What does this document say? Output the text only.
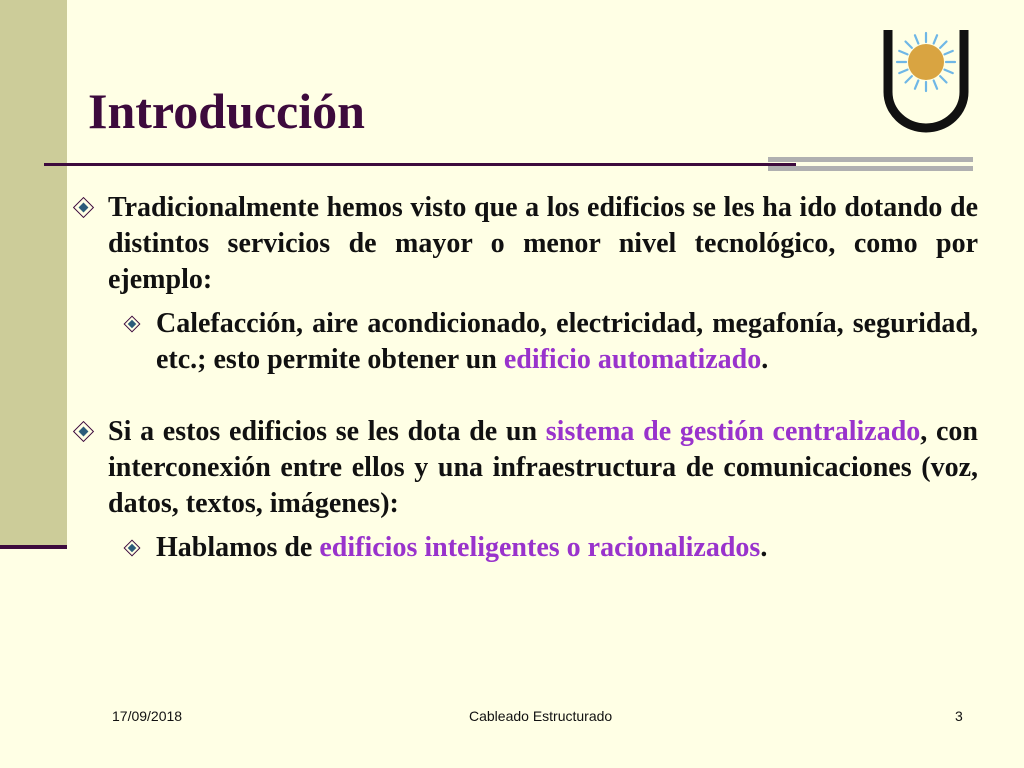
Introducción
Tradicionalmente hemos visto que a los edificios se les ha ido dotando de distintos servicios de mayor o menor nivel tecnológico, como por ejemplo:
Calefacción, aire acondicionado, electricidad, megafonía, seguridad, etc.; esto permite obtener un edificio automatizado.
Si a estos edificios se les dota de un sistema de gestión centralizado, con interconexión entre ellos y una infraestructura de comunicaciones (voz, datos, textos, imágenes):
Hablamos de edificios inteligentes o racionalizados.
17/09/2018	Cableado Estructurado	3
